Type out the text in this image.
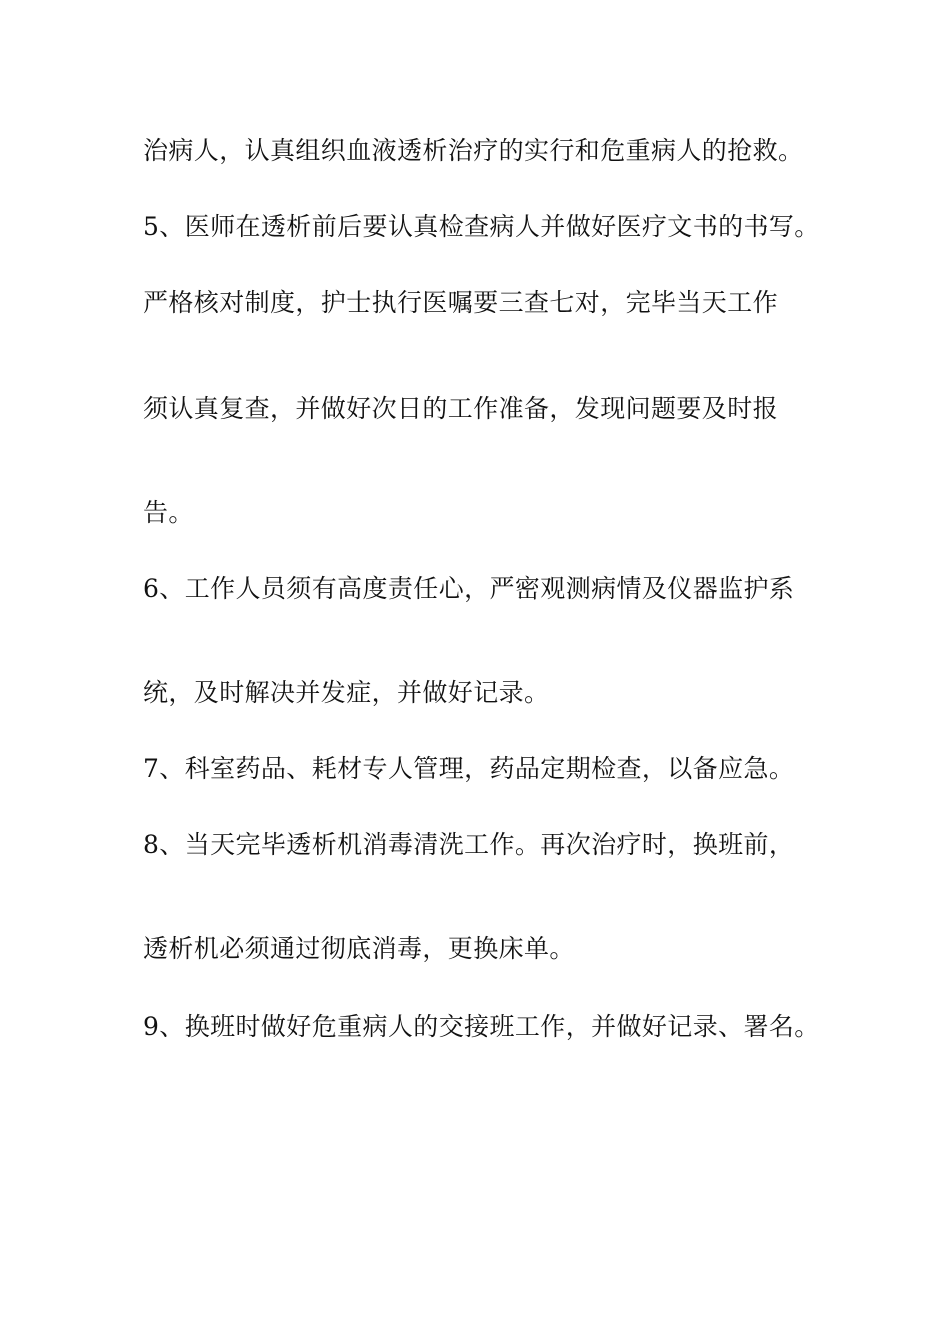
治病人，认真组织血液透析治疗的实行和危重病人的抢救。
5、医师在透析前后要认真检查病人并做好医疗文书的书写。
严格核对制度，护士执行医嘱要三查七对，完毕当天工作
须认真复查，并做好次日的工作准备，发现问题要及时报
告。
6、工作人员须有高度责任心，严密观测病情及仪器监护系
统，及时解决并发症，并做好记录。
7、科室药品、耗材专人管理，药品定期检查，以备应急。
8、当天完毕透析机消毒清洗工作。再次治疗时，换班前，
透析机必须通过彻底消毒，更换床单。
9、换班时做好危重病人的交接班工作，并做好记录、署名。
